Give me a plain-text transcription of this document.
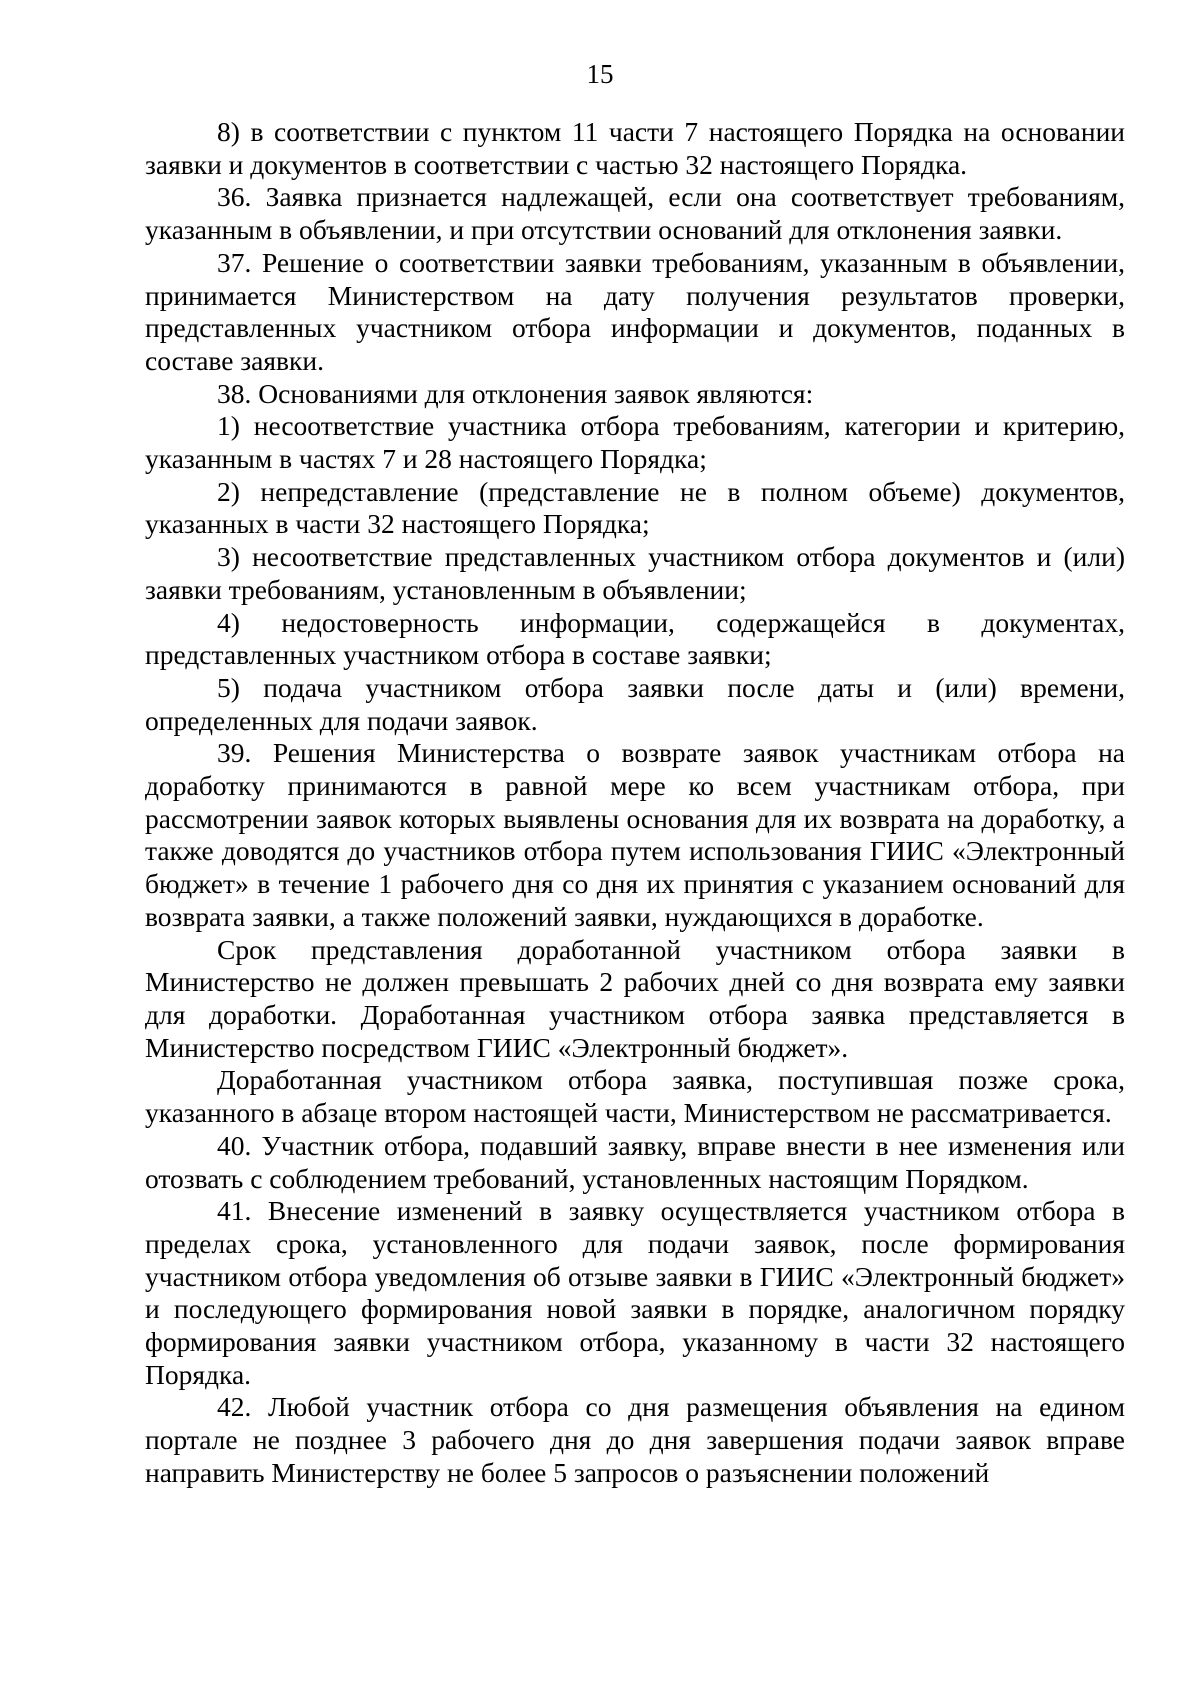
15

8) в соответствии с пунктом 11 части 7 настоящего Порядка на основании заявки и документов в соответствии с частью 32 настоящего Порядка.

36. Заявка признается надлежащей, если она соответствует требованиям, указанным в объявлении, и при отсутствии оснований для отклонения заявки.

37. Решение о соответствии заявки требованиям, указанным в объявлении, принимается Министерством на дату получения результатов проверки, представленных участником отбора информации и документов, поданных в составе заявки.

38. Основаниями для отклонения заявок являются:

1) несоответствие участника отбора требованиям, категории и критерию, указанным в частях 7 и 28 настоящего Порядка;

2) непредставление (представление не в полном объеме) документов, указанных в части 32 настоящего Порядка;

3) несоответствие представленных участником отбора документов и (или) заявки требованиям, установленным в объявлении;

4) недостоверность информации, содержащейся в документах, представленных участником отбора в составе заявки;

5) подача участником отбора заявки после даты и (или) времени, определенных для подачи заявок.

39. Решения Министерства о возврате заявок участникам отбора на доработку принимаются в равной мере ко всем участникам отбора, при рассмотрении заявок которых выявлены основания для их возврата на доработку, а также доводятся до участников отбора путем использования ГИИС «Электронный бюджет» в течение 1 рабочего дня со дня их принятия с указанием оснований для возврата заявки, а также положений заявки, нуждающихся в доработке.

Срок представления доработанной участником отбора заявки в Министерство не должен превышать 2 рабочих дней со дня возврата ему заявки для доработки. Доработанная участником отбора заявка представляется в Министерство посредством ГИИС «Электронный бюджет».

Доработанная участником отбора заявка, поступившая позже срока, указанного в абзаце втором настоящей части, Министерством не рассматривается.

40. Участник отбора, подавший заявку, вправе внести в нее изменения или отозвать с соблюдением требований, установленных настоящим Порядком.

41. Внесение изменений в заявку осуществляется участником отбора в пределах срока, установленного для подачи заявок, после формирования участником отбора уведомления об отзыве заявки в ГИИС «Электронный бюджет» и последующего формирования новой заявки в порядке, аналогичном порядку формирования заявки участником отбора, указанному в части 32 настоящего Порядка.

42. Любой участник отбора со дня размещения объявления на едином портале не позднее 3 рабочего дня до дня завершения подачи заявок вправе направить Министерству не более 5 запросов о разъяснении положений
